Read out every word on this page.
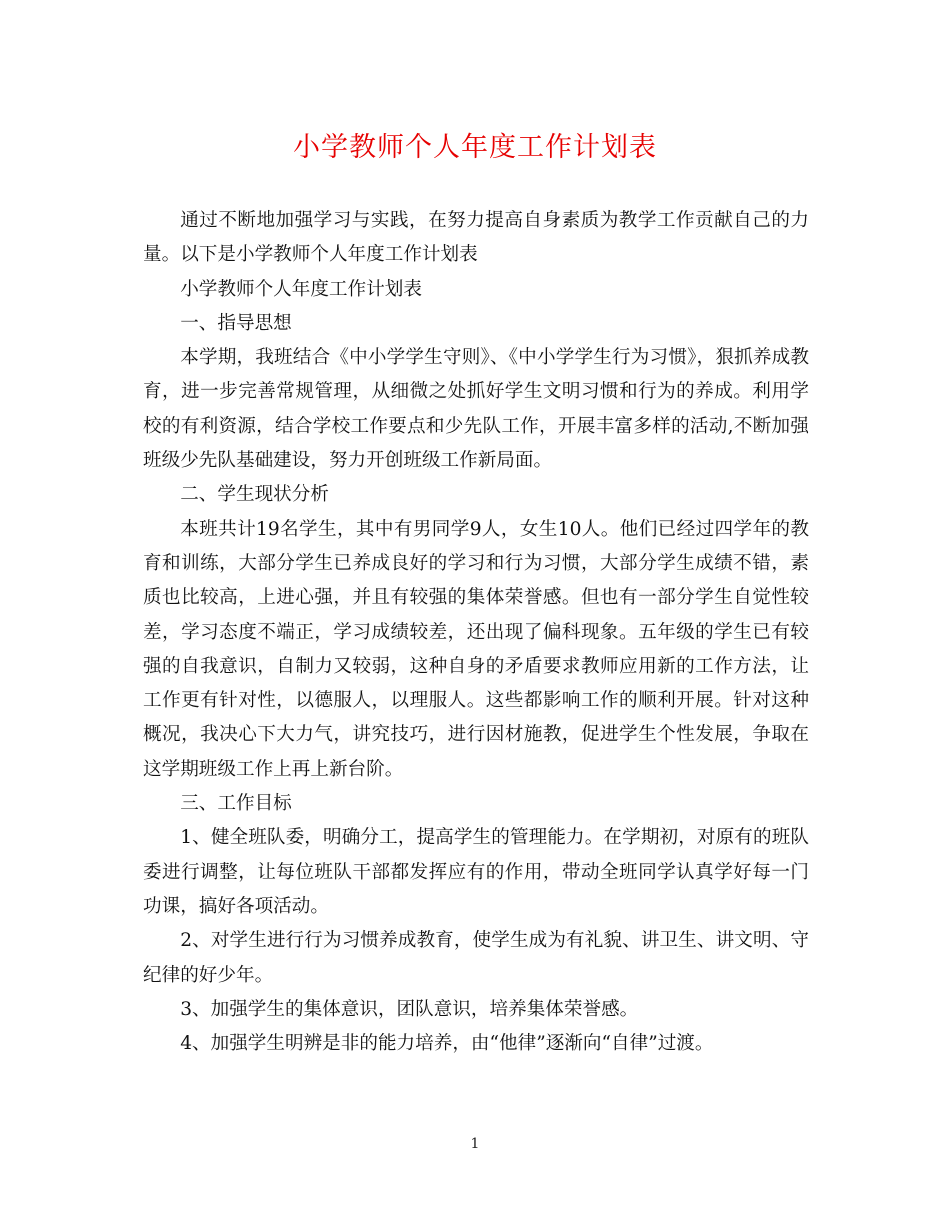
小学教师个人年度工作计划表

通过不断地加强学习与实践，在努力提高自身素质为教学工作贡献自己的力量。以下是小学教师个人年度工作计划表

小学教师个人年度工作计划表

一、指导思想

本学期，我班结合《中小学学生守则》、《中小学学生行为习惯》，狠抓养成教育，进一步完善常规管理，从细微之处抓好学生文明习惯和行为的养成。利用学校的有利资源，结合学校工作要点和少先队工作，开展丰富多样的活动,不断加强班级少先队基础建设，努力开创班级工作新局面。

二、学生现状分析

本班共计19名学生，其中有男同学9人，女生10人。他们已经过四学年的教育和训练，大部分学生已养成良好的学习和行为习惯，大部分学生成绩不错，素质也比较高，上进心强，并且有较强的集体荣誉感。但也有一部分学生自觉性较差，学习态度不端正，学习成绩较差，还出现了偏科现象。五年级的学生已有较强的自我意识，自制力又较弱，这种自身的矛盾要求教师应用新的工作方法，让工作更有针对性，以德服人，以理服人。这些都影响工作的顺利开展。针对这种概况，我决心下大力气，讲究技巧，进行因材施教，促进学生个性发展，争取在这学期班级工作上再上新台阶。

三、工作目标

1、健全班队委，明确分工，提高学生的管理能力。在学期初，对原有的班队委进行调整，让每位班队干部都发挥应有的作用，带动全班同学认真学好每一门功课，搞好各项活动。

2、对学生进行行为习惯养成教育，使学生成为有礼貌、讲卫生、讲文明、守纪律的好少年。

3、加强学生的集体意识，团队意识，培养集体荣誉感。

4、加强学生明辨是非的能力培养，由“他律”逐渐向“自律”过渡。

1
